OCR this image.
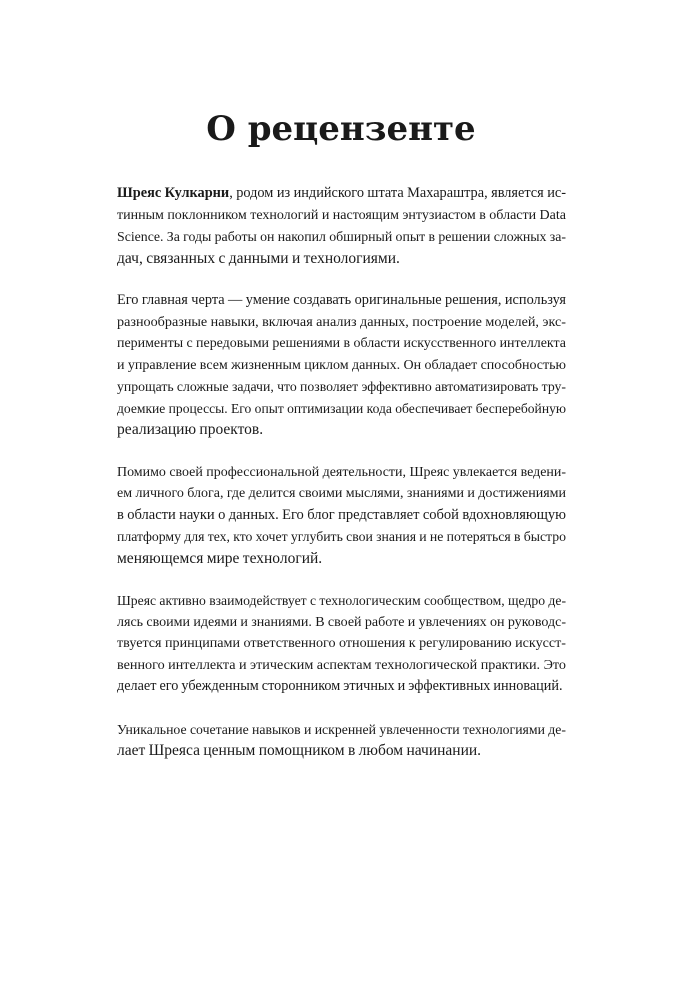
О рецензенте
Шреяс Кулкарни, родом из индийского штата Махараштра, является ис-
тинным поклонником технологий и настоящим энтузиастом в области Data
Science. За годы работы он накопил обширный опыт в решении сложных за-
дач, связанных с данными и технологиями.
Его главная черта — умение создавать оригинальные решения, используя
разнообразные навыки, включая анализ данных, построение моделей, экс-
перименты с передовыми решениями в области искусственного интеллекта
и управление всем жизненным циклом данных. Он обладает способностью
упрощать сложные задачи, что позволяет эффективно автоматизировать тру-
доемкие процессы. Его опыт оптимизации кода обеспечивает бесперебойную
реализацию проектов.
Помимо своей профессиональной деятельности, Шреяс увлекается ведени-
ем личного блога, где делится своими мыслями, знаниями и достижениями
в области науки о данных. Его блог представляет собой вдохновляющую
платформу для тех, кто хочет углубить свои знания и не потеряться в быстро
меняющемся мире технологий.
Шреяс активно взаимодействует с технологическим сообществом, щедро де-
лясь своими идеями и знаниями. В своей работе и увлечениях он руководс-
твуется принципами ответственного отношения к регулированию искусст-
венного интеллекта и этическим аспектам технологической практики. Это
делает его убежденным сторонником этичных и эффективных инноваций.
Уникальное сочетание навыков и искренней увлеченности технологиями де-
лает Шреяса ценным помощником в любом начинании.
